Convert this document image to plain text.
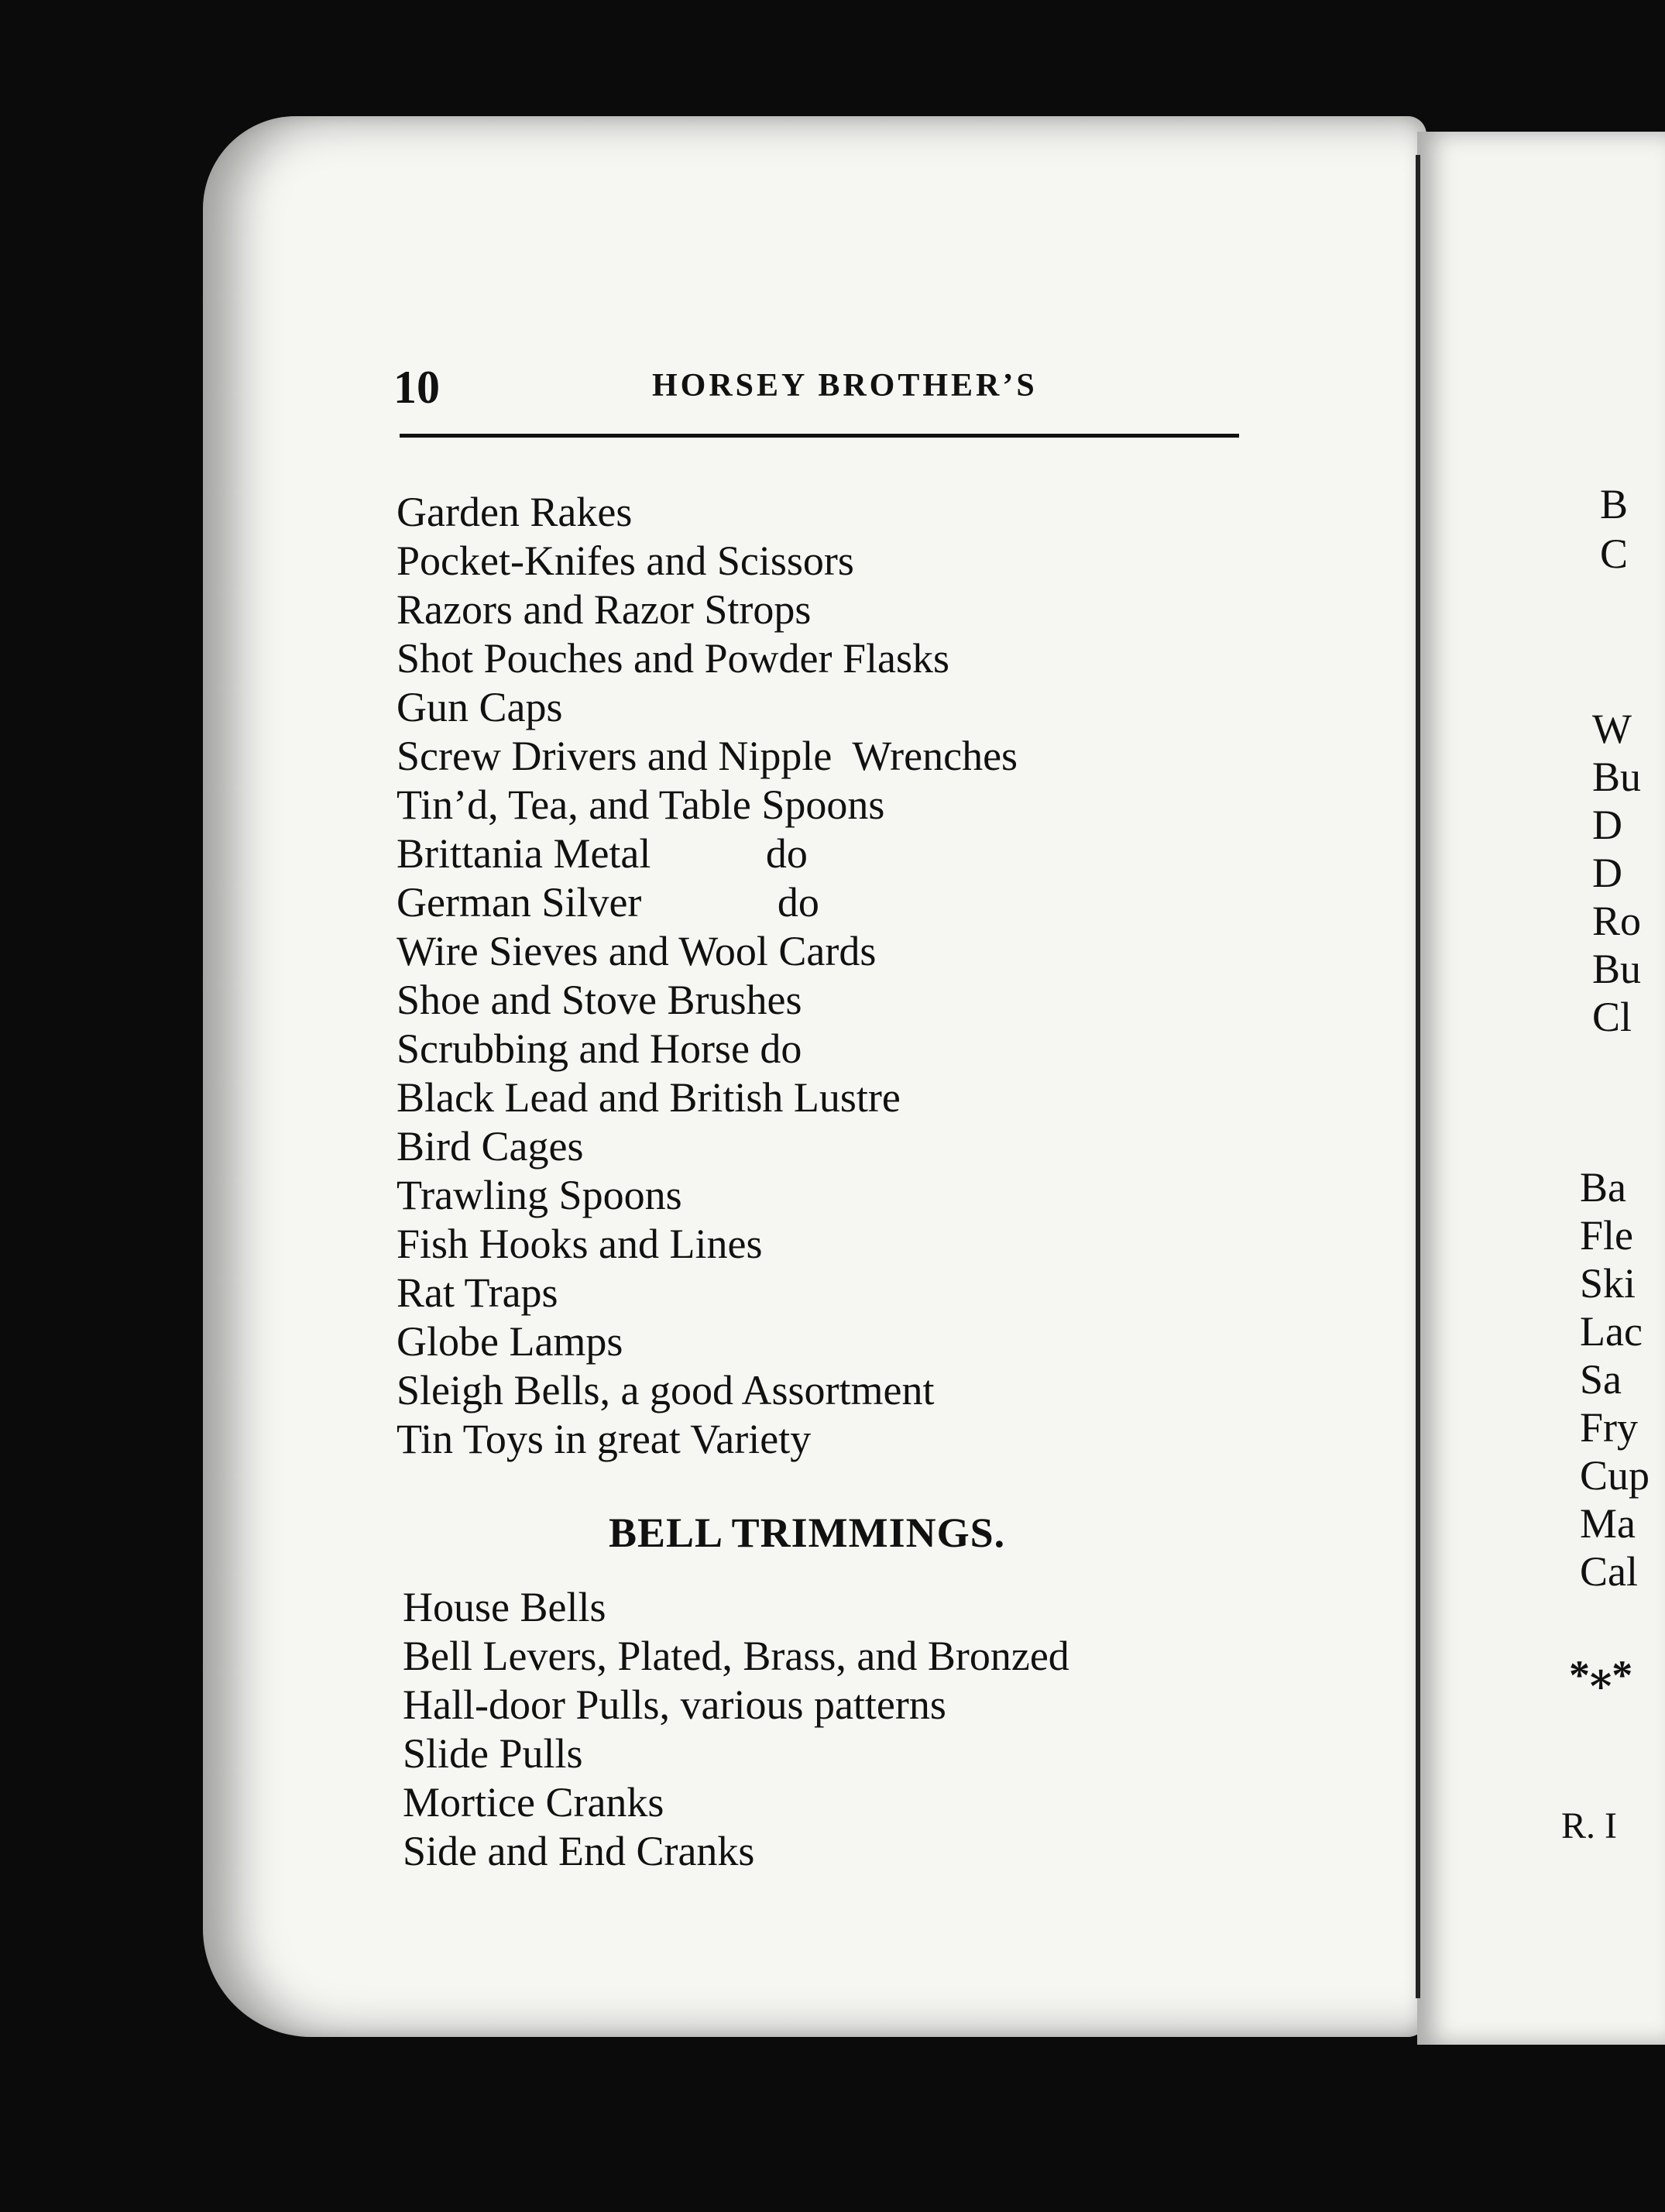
10	HORSEY BROTHER’S
Garden Rakes
Pocket-Knifes and Scissors
Razors and Razor Strops
Shot Pouches and Powder Flasks
Gun Caps
Screw Drivers and Nipple  Wrenches
Tin’d, Tea, and Table Spoons
Brittania Metal           do
German Silver             do
Wire Sieves and Wool Cards
Shoe and Stove Brushes
Scrubbing and Horse do
Black Lead and British Lustre
Bird Cages
Trawling Spoons
Fish Hooks and Lines
Rat Traps
Globe Lamps
Sleigh Bells, a good Assortment
Tin Toys in great Variety
BELL TRIMMINGS.
House Bells
Bell Levers, Plated, Brass, and Bronzed
Hall-door Pulls, various patterns
Slide Pulls
Mortice Cranks
Side and End Cranks
B
C
W
Bu
D
D
Ro
Bu
Cl
Ba
Fle
Ski
Lac
Sa
Fry
Cup
Ma
Cal
*⁎*
R. I
